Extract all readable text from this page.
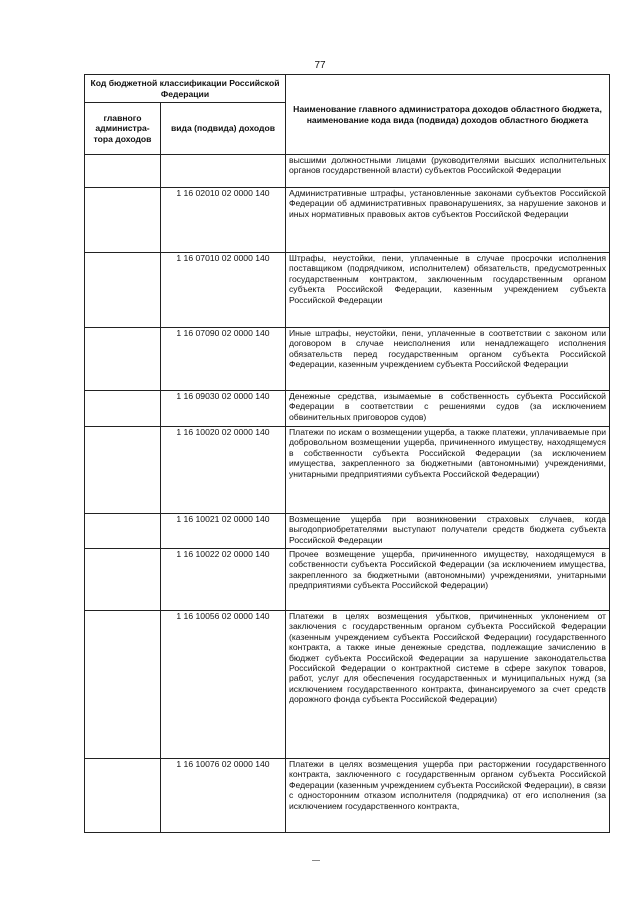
77
Код бюджетной классификации Российской Федерации		Наименование главного администратора доходов областного бюджета, наименование кода вида (подвида) доходов областного бюджета
главного администра-тора доходов	вида (подвида) доходов	
		высшими должностными лицами (руководителями высших исполнительных органов государственной власти) субъектов Российской Федерации
	1 16 02010 02 0000 140	Административные штрафы, установленные законами субъектов Российской Федерации об административных правонарушениях, за нарушение законов и иных нормативных правовых актов субъектов Российской Федерации
	1 16 07010 02 0000 140	Штрафы, неустойки, пени, уплаченные в случае просрочки исполнения поставщиком (подрядчиком, исполнителем) обязательств, предусмотренных государственным контрактом, заключенным государственным органом субъекта Российской Федерации, казенным учреждением субъекта Российской Федерации
	1 16 07090 02 0000 140	Иные штрафы, неустойки, пени, уплаченные в соответствии с законом или договором в случае неисполнения или ненадлежащего исполнения обязательств перед государственным органом субъекта Российской Федерации, казенным учреждением субъекта Российской Федерации
	1 16 09030 02 0000 140	Денежные средства, изымаемые в собственность субъекта Российской Федерации в соответствии с решениями судов (за исключением обвинительных приговоров судов)
	1 16 10020 02 0000 140	Платежи по искам о возмещении ущерба, а также платежи, уплачиваемые при добровольном возмещении ущерба, причиненного имуществу, находящемуся в собственности субъекта Российской Федерации (за исключением имущества, закрепленного за бюджетными (автономными) учреждениями, унитарными предприятиями субъекта Российской Федерации)
	1 16 10021 02 0000 140	Возмещение ущерба при возникновении страховых случаев, когда выгодоприобретателями выступают получатели средств бюджета субъекта Российской Федерации
	1 16 10022 02 0000 140	Прочее возмещение ущерба, причиненного имуществу, находящемуся в собственности субъекта Российской Федерации (за исключением имущества, закрепленного за бюджетными (автономными) учреждениями, унитарными предприятиями субъекта Российской Федерации)
	1 16 10056 02 0000 140	Платежи в целях возмещения убытков, причиненных уклонением от заключения с государственным органом субъекта Российской Федерации (казенным учреждением субъекта Российской Федерации) государственного контракта, а также иные денежные средства, подлежащие зачислению в бюджет субъекта Российской Федерации за нарушение законодательства Российской Федерации о контрактной системе в сфере закупок товаров, работ, услуг для обеспечения государственных и муниципальных нужд (за исключением государственного контракта, финансируемого за счет средств дорожного фонда субъекта Российской Федерации)
	1 16 10076 02 0000 140	Платежи в целях возмещения ущерба при расторжении государственного контракта, заключенного с государственным органом субъекта Российской Федерации (казенным учреждением субъекта Российской Федерации), в связи с односторонним отказом исполнителя (подрядчика) от его исполнения (за исключением государственного контракта,
